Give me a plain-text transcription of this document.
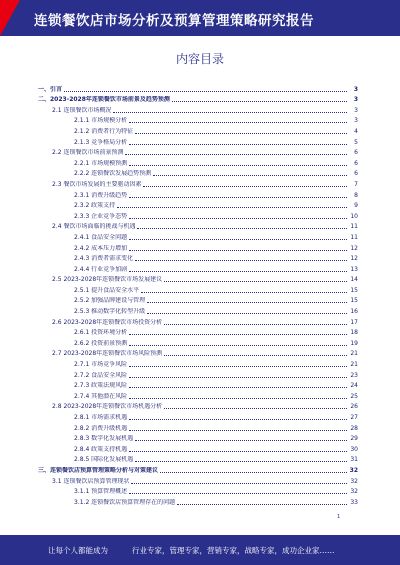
连锁餐饮店市场分析及预算管理策略研究报告
内容目录
一、引言	3
二、2023-2028年连锁餐饮市场前景及趋势预测	3
2.1 连锁餐饮市场概况	3
2.1.1 市场规模分析	3
2.1.2 消费者行为特征	4
2.1.3 竞争格局分析	5
2.2 连锁餐饮市场前景预测	6
2.2.1 市场规模预测	6
2.2.2 连锁餐饮发展趋势预测	6
2.3 餐饮市场发展的主要驱动因素	7
2.3.1 消费升级趋势	8
2.3.2 政策支持	9
2.3.3 企业竞争态势	10
2.4 餐饮市场面临的挑战与机遇	11
2.4.1 食品安全问题	11
2.4.2 成本压力增加	12
2.4.3 消费者需求变化	12
2.4.4 行业竞争加剧	13
2.5 2023-2028年连锁餐饮市场发展建议	14
2.5.1 提升食品安全水平	15
2.5.2 加强品牌建设与管理	15
2.5.3 推动数字化转型升级	16
2.6 2023-2028年连锁餐饮市场投资分析	17
2.6.1 投资环境分析	18
2.6.2 投资前景预测	19
2.7 2023-2028年连锁餐饮市场风险预测	21
2.7.1 市场竞争风险	21
2.7.2 食品安全风险	23
2.7.3 政策法规风险	24
2.7.4 其他潜在风险	25
2.8 2023-2028年连锁餐饮市场机遇分析	26
2.8.1 市场需求机遇	27
2.8.2 消费升级机遇	28
2.8.3 数字化发展机遇	29
2.8.4 政策支持机遇	30
2.8.5 国际化发展机遇	31
三、连锁餐饮店预算管理策略分析与对策建议	32
3.1 连锁餐饮店预算管理现状	32
3.1.1 预算管理概述	32
3.1.2 连锁餐饮店预算管理存在的问题	33
1
让每个人都能成为	行业专家，管理专家，营销专家，战略专家，成功企业家……
